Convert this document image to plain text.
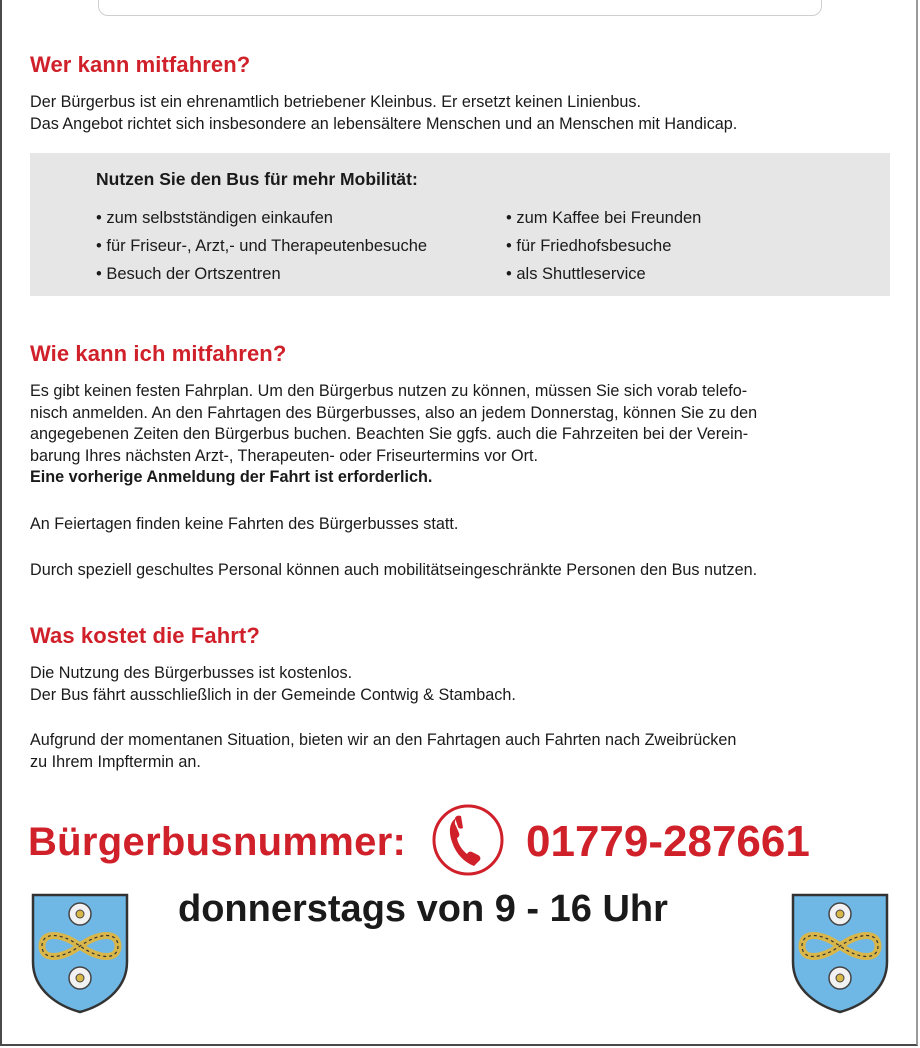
Wer kann mitfahren?

Der Bürgerbus ist ein ehrenamtlich betriebener Kleinbus. Er ersetzt keinen Linienbus.

Das Angebot richtet sich insbesondere an lebensältere Menschen und an Menschen mit Handicap.

Nutzen Sie den Bus für mehr Mobilität:
• zum selbstständigen einkaufen
• für Friseur-, Arzt,- und Therapeutenbesuche
• Besuch der Ortszentren
• zum Kaffee bei Freunden
• für Friedhofsbesuche
• als Shuttleservice
Wie kann ich mitfahren?

Es gibt keinen festen Fahrplan. Um den Bürgerbus nutzen zu können, müssen Sie sich vorab telefo-

nisch anmelden. An den Fahrtagen des Bürgerbusses, also an jedem Donnerstag, können Sie zu den

angegebenen Zeiten den Bürgerbus buchen. Beachten Sie ggfs. auch die Fahrzeiten bei der Verein-

barung Ihres nächsten Arzt-, Therapeuten- oder Friseurtermins vor Ort.

Eine vorherige Anmeldung der Fahrt ist erforderlich.

An Feiertagen finden keine Fahrten des Bürgerbusses statt.
Durch speziell geschultes Personal können auch mobilitätseingeschränkte Personen den Bus nutzen.
Was kostet die Fahrt?

Die Nutzung des Bürgerbusses ist kostenlos.

Der Bus fährt ausschließlich in der Gemeinde Contwig & Stambach.

Aufgrund der momentanen Situation, bieten wir an den Fahrtagen auch Fahrten nach Zweibrücken

zu Ihrem Impftermin an.

Bürgerbusnummer:	01779-287661
donnerstags von 9 - 16 Uhr
